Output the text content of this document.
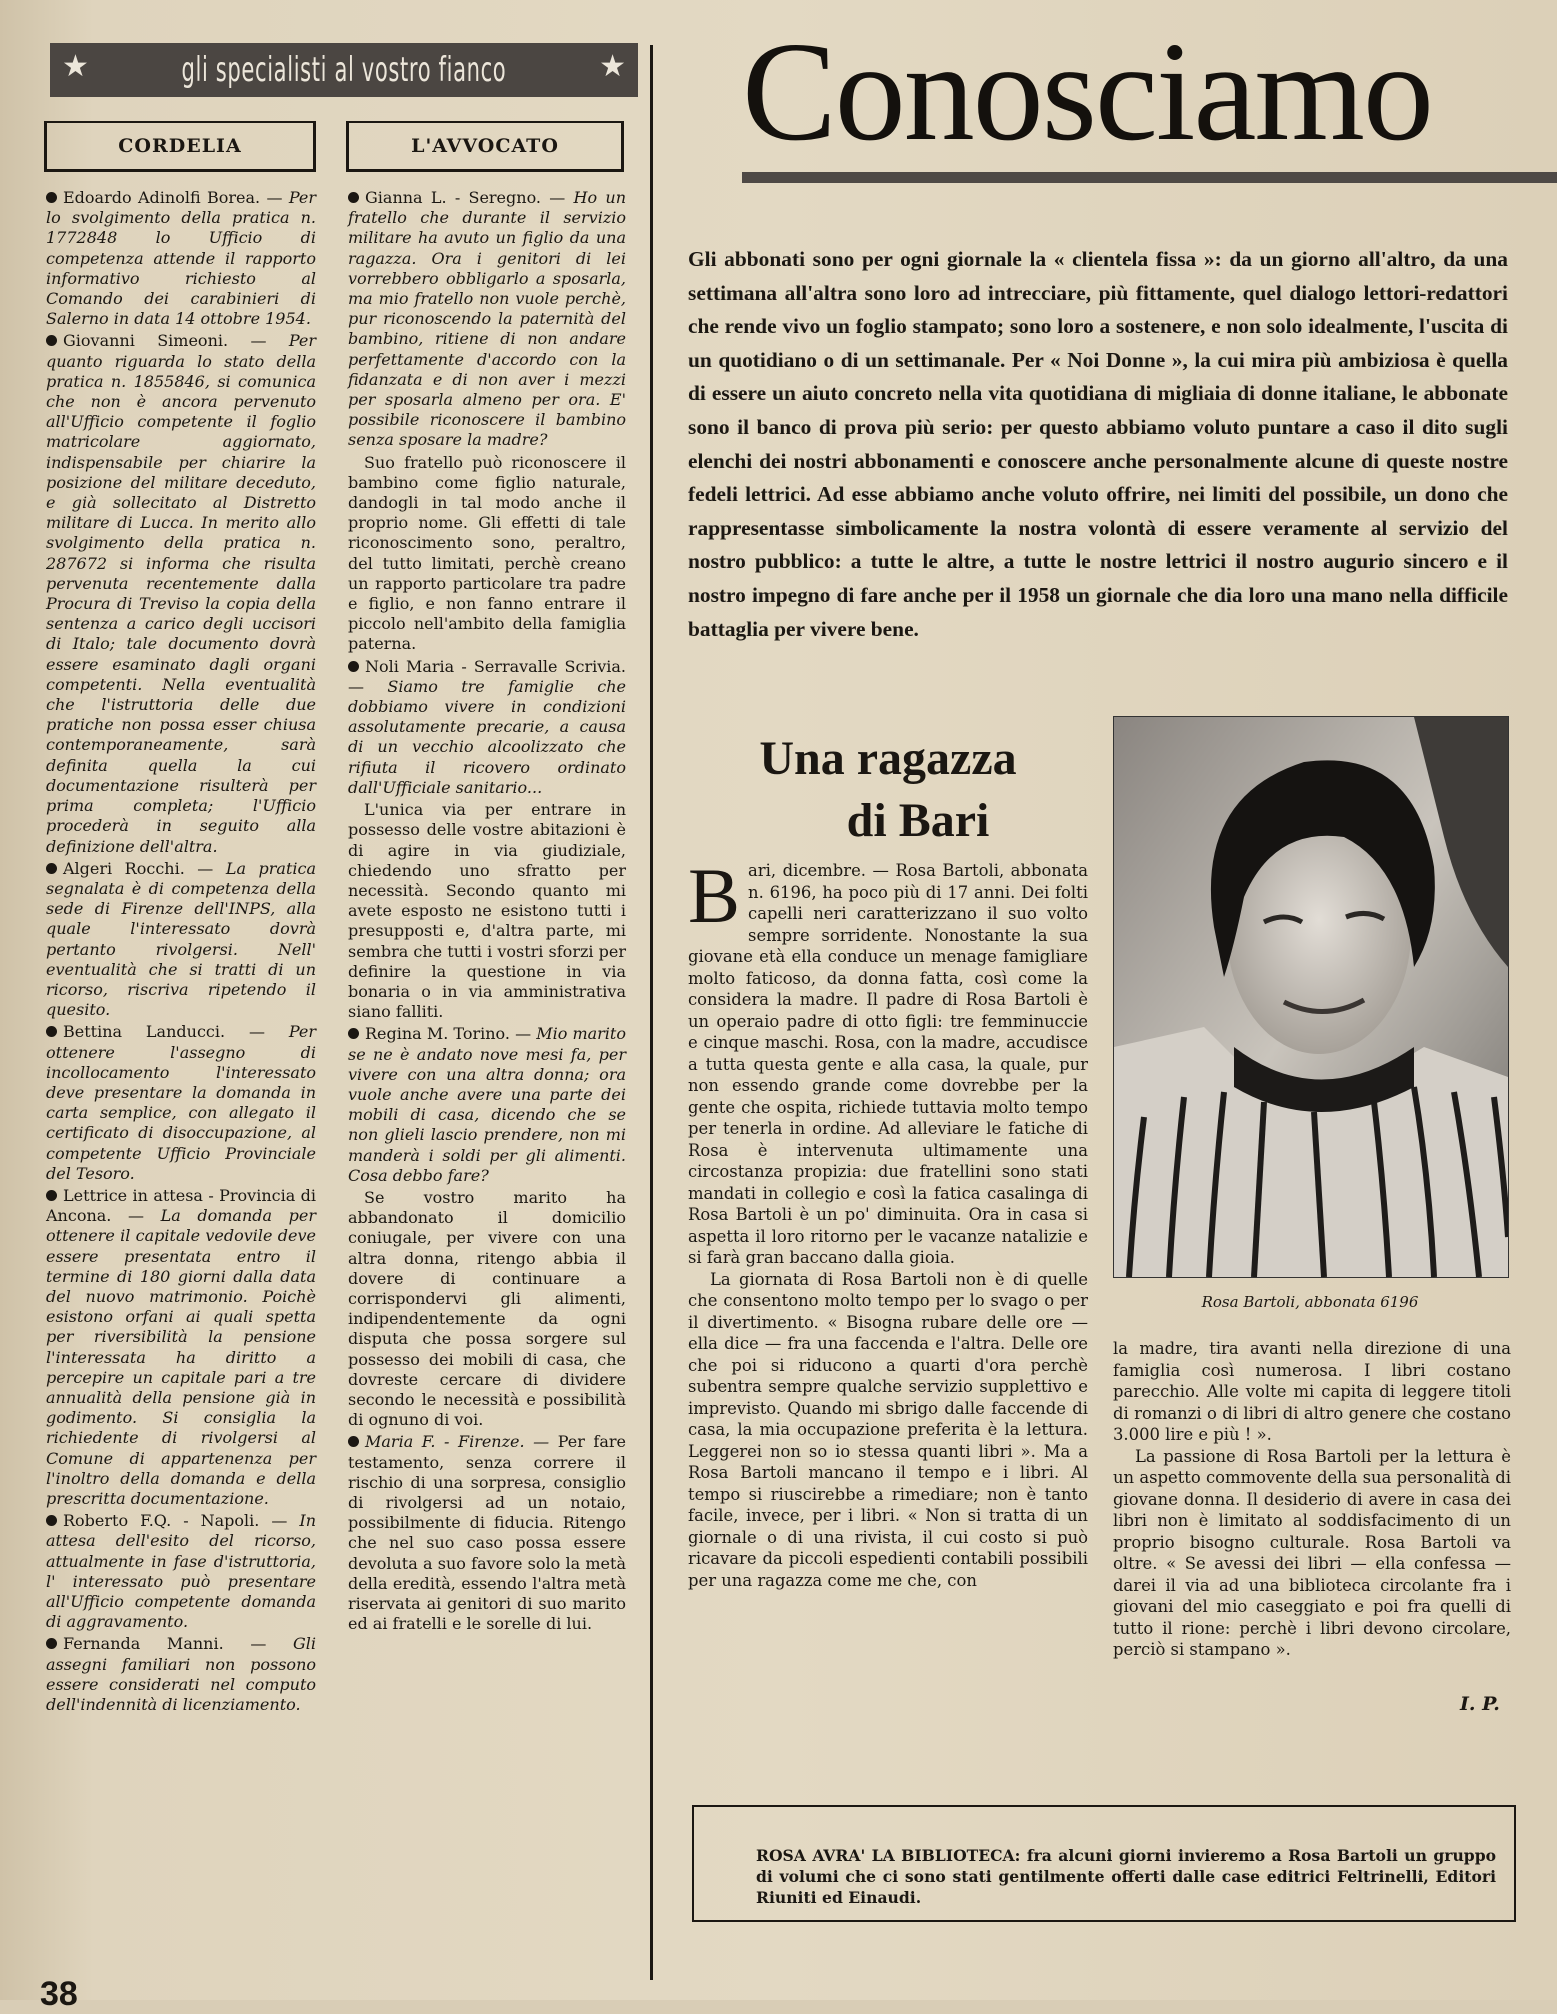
★	gli specialisti al vostro fianco	★
CORDELIA	L'AVVOCATO

Edoardo Adinolfi Borea. — Per lo svolgimento della pratica n. 1772848 lo Ufficio di competenza attende il rapporto informativo richiesto al Comando dei carabinieri di Salerno in data 14 ottobre 1954.

Giovanni Simeoni. — Per quanto riguarda lo stato della pratica n. 1855846, si comunica che non è ancora pervenuto all'Ufficio competente il foglio matricolare aggiornato, indispensabile per chiarire la posizione del militare deceduto, e già sollecitato al Distretto militare di Lucca. In merito allo svolgimento della pratica n. 287672 si informa che risulta pervenuta recentemente dalla Procura di Treviso la copia della sentenza a carico degli uccisori di Italo; tale documento dovrà essere esaminato dagli organi competenti. Nella eventualità che l'istruttoria delle due pratiche non possa esser chiusa contemporaneamente, sarà definita quella la cui documentazione risulterà per prima completa; l'Ufficio procederà in seguito alla definizione dell'altra.

Algeri Rocchi. — La pratica segnalata è di competenza della sede di Firenze dell'INPS, alla quale l'interessato dovrà pertanto rivolgersi. Nell' eventualità che si tratti di un ricorso, riscriva ripetendo il quesito.

Bettina Landucci. — Per ottenere l'assegno di incollocamento l'interessato deve presentare la domanda in carta semplice, con allegato il certificato di disoccupazione, al competente Ufficio Provinciale del Tesoro.

Lettrice in attesa - Provincia di Ancona. — La domanda per ottenere il capitale vedovile deve essere presentata entro il termine di 180 giorni dalla data del nuovo matrimonio. Poichè esistono orfani ai quali spetta per riversibilità la pensione l'interessata ha diritto a percepire un capitale pari a tre annualità della pensione già in godimento. Si consiglia la richiedente di rivolgersi al Comune di appartenenza per l'inoltro della domanda e della prescritta documentazione.

Roberto F.Q. - Napoli. — In attesa dell'esito del ricorso, attualmente in fase d'istruttoria, l' interessato può presentare all'Ufficio competente domanda di aggravamento.

Fernanda Manni. — Gli assegni familiari non possono essere considerati nel computo dell'indennità di licenziamento.

Gianna L. - Seregno. — Ho un fratello che durante il servizio militare ha avuto un figlio da una ragazza. Ora i genitori di lei vorrebbero obbligarlo a sposarla, ma mio fratello non vuole perchè, pur riconoscendo la paternità del bambino, ritiene di non andare perfettamente d'accordo con la fidanzata e di non aver i mezzi per sposarla almeno per ora. E' possibile riconoscere il bambino senza sposare la madre?

Suo fratello può riconoscere il bambino come figlio naturale, dandogli in tal modo anche il proprio nome. Gli effetti di tale riconoscimento sono, peraltro, del tutto limitati, perchè creano un rapporto particolare tra padre e figlio, e non fanno entrare il piccolo nell'ambito della famiglia paterna.

Noli Maria - Serravalle Scrivia. — Siamo tre famiglie che dobbiamo vivere in condizioni assolutamente precarie, a causa di un vecchio alcoolizzato che rifiuta il ricovero ordinato dall'Ufficiale sanitario...

L'unica via per entrare in possesso delle vostre abitazioni è di agire in via giudiziale, chiedendo uno sfratto per necessità. Secondo quanto mi avete esposto ne esistono tutti i presupposti e, d'altra parte, mi sembra che tutti i vostri sforzi per definire la questione in via bonaria o in via amministrativa siano falliti.

Regina M. Torino. — Mio marito se ne è andato nove mesi fa, per vivere con una altra donna; ora vuole anche avere una parte dei mobili di casa, dicendo che se non glieli lascio prendere, non mi manderà i soldi per gli alimenti. Cosa debbo fare?

Se vostro marito ha abbandonato il domicilio coniugale, per vivere con una altra donna, ritengo abbia il dovere di continuare a corrispondervi gli alimenti, indipendentemente da ogni disputa che possa sorgere sul possesso dei mobili di casa, che dovreste cercare di dividere secondo le necessità e possibilità di ognuno di voi.

Maria F. - Firenze. — Per fare testamento, senza correre il rischio di una sorpresa, consiglio di rivolgersi ad un notaio, possibilmente di fiducia. Ritengo che nel suo caso possa essere devoluta a suo favore solo la metà della eredità, essendo l'altra metà riservata ai genitori di suo marito ed ai fratelli e le sorelle di lui.

Conosciamo
Gli abbonati sono per ogni giornale la « clientela fissa »: da un giorno all'altro, da una settimana all'altra sono loro ad intrecciare, più fittamente, quel dialogo lettori-redattori che rende vivo un foglio stampato; sono loro a sostenere, e non solo idealmente, l'uscita di un quotidiano o di un settimanale. Per « Noi Donne », la cui mira più ambiziosa è quella di essere un aiuto concreto nella vita quotidiana di migliaia di donne italiane, le abbonate sono il banco di prova più serio: per questo abbiamo voluto puntare a caso il dito sugli elenchi dei nostri abbonamenti e conoscere anche personalmente alcune di queste nostre fedeli lettrici. Ad esse abbiamo anche voluto offrire, nei limiti del possibile, un dono che rappresentasse simbolicamente la nostra volontà di essere veramente al servizio del nostro pubblico: a tutte le altre, a tutte le nostre lettrici il nostro augurio sincero e il nostro impegno di fare anche per il 1958 un giornale che dia loro una mano nella difficile battaglia per vivere bene.
Una ragazza
di Bari
Rosa Bartoli, abbonata 6196

Bari, dicembre. — Rosa Bartoli, abbonata n. 6196, ha poco più di 17 anni. Dei folti capelli neri caratterizzano il suo volto sempre sorridente. Nonostante la sua giovane età ella conduce un menage famigliare molto faticoso, da donna fatta, così come la considera la madre. Il padre di Rosa Bartoli è un operaio padre di otto figli: tre femminuccie e cinque maschi. Rosa, con la madre, accudisce a tutta questa gente e alla casa, la quale, pur non essendo grande come dovrebbe per la gente che ospita, richiede tuttavia molto tempo per tenerla in ordine. Ad alleviare le fatiche di Rosa è intervenuta ultimamente una circostanza propizia: due fratellini sono stati mandati in collegio e così la fatica casalinga di Rosa Bartoli è un po' diminuita. Ora in casa si aspetta il loro ritorno per le vacanze natalizie e si farà gran baccano dalla gioia.

La giornata di Rosa Bartoli non è di quelle che consentono molto tempo per lo svago o per il divertimento. « Bisogna rubare delle ore — ella dice — fra una faccenda e l'altra. Delle ore che poi si riducono a quarti d'ora perchè subentra sempre qualche servizio supplettivo e imprevisto. Quando mi sbrigo dalle faccende di casa, la mia occupazione preferita è la lettura. Leggerei non so io stessa quanti libri ». Ma a Rosa Bartoli mancano il tempo e i libri. Al tempo si riuscirebbe a rimediare; non è tanto facile, invece, per i libri. « Non si tratta di un giornale o di una rivista, il cui costo si può ricavare da piccoli espedienti contabili possibili per una ragazza come me che, con

la madre, tira avanti nella direzione di una famiglia così numerosa. I libri costano parecchio. Alle volte mi capita di leggere titoli di romanzi o di libri di altro genere che costano 3.000 lire e più ! ».

La passione di Rosa Bartoli per la lettura è un aspetto commovente della sua personalità di giovane donna. Il desiderio di avere in casa dei libri non è limitato al soddisfacimento di un proprio bisogno culturale. Rosa Bartoli va oltre. « Se avessi dei libri — ella confessa — darei il via ad una biblioteca circolante fra i giovani del mio caseggiato e poi fra quelli di tutto il rione: perchè i libri devono circolare, perciò si stampano ».

I. P.
ROSA AVRA' LA BIBLIOTECA: fra alcuni giorni invieremo a Rosa Bartoli un gruppo di volumi che ci sono stati gentilmente offerti dalle case editrici Feltrinelli, Editori Riuniti ed Einaudi.
38
